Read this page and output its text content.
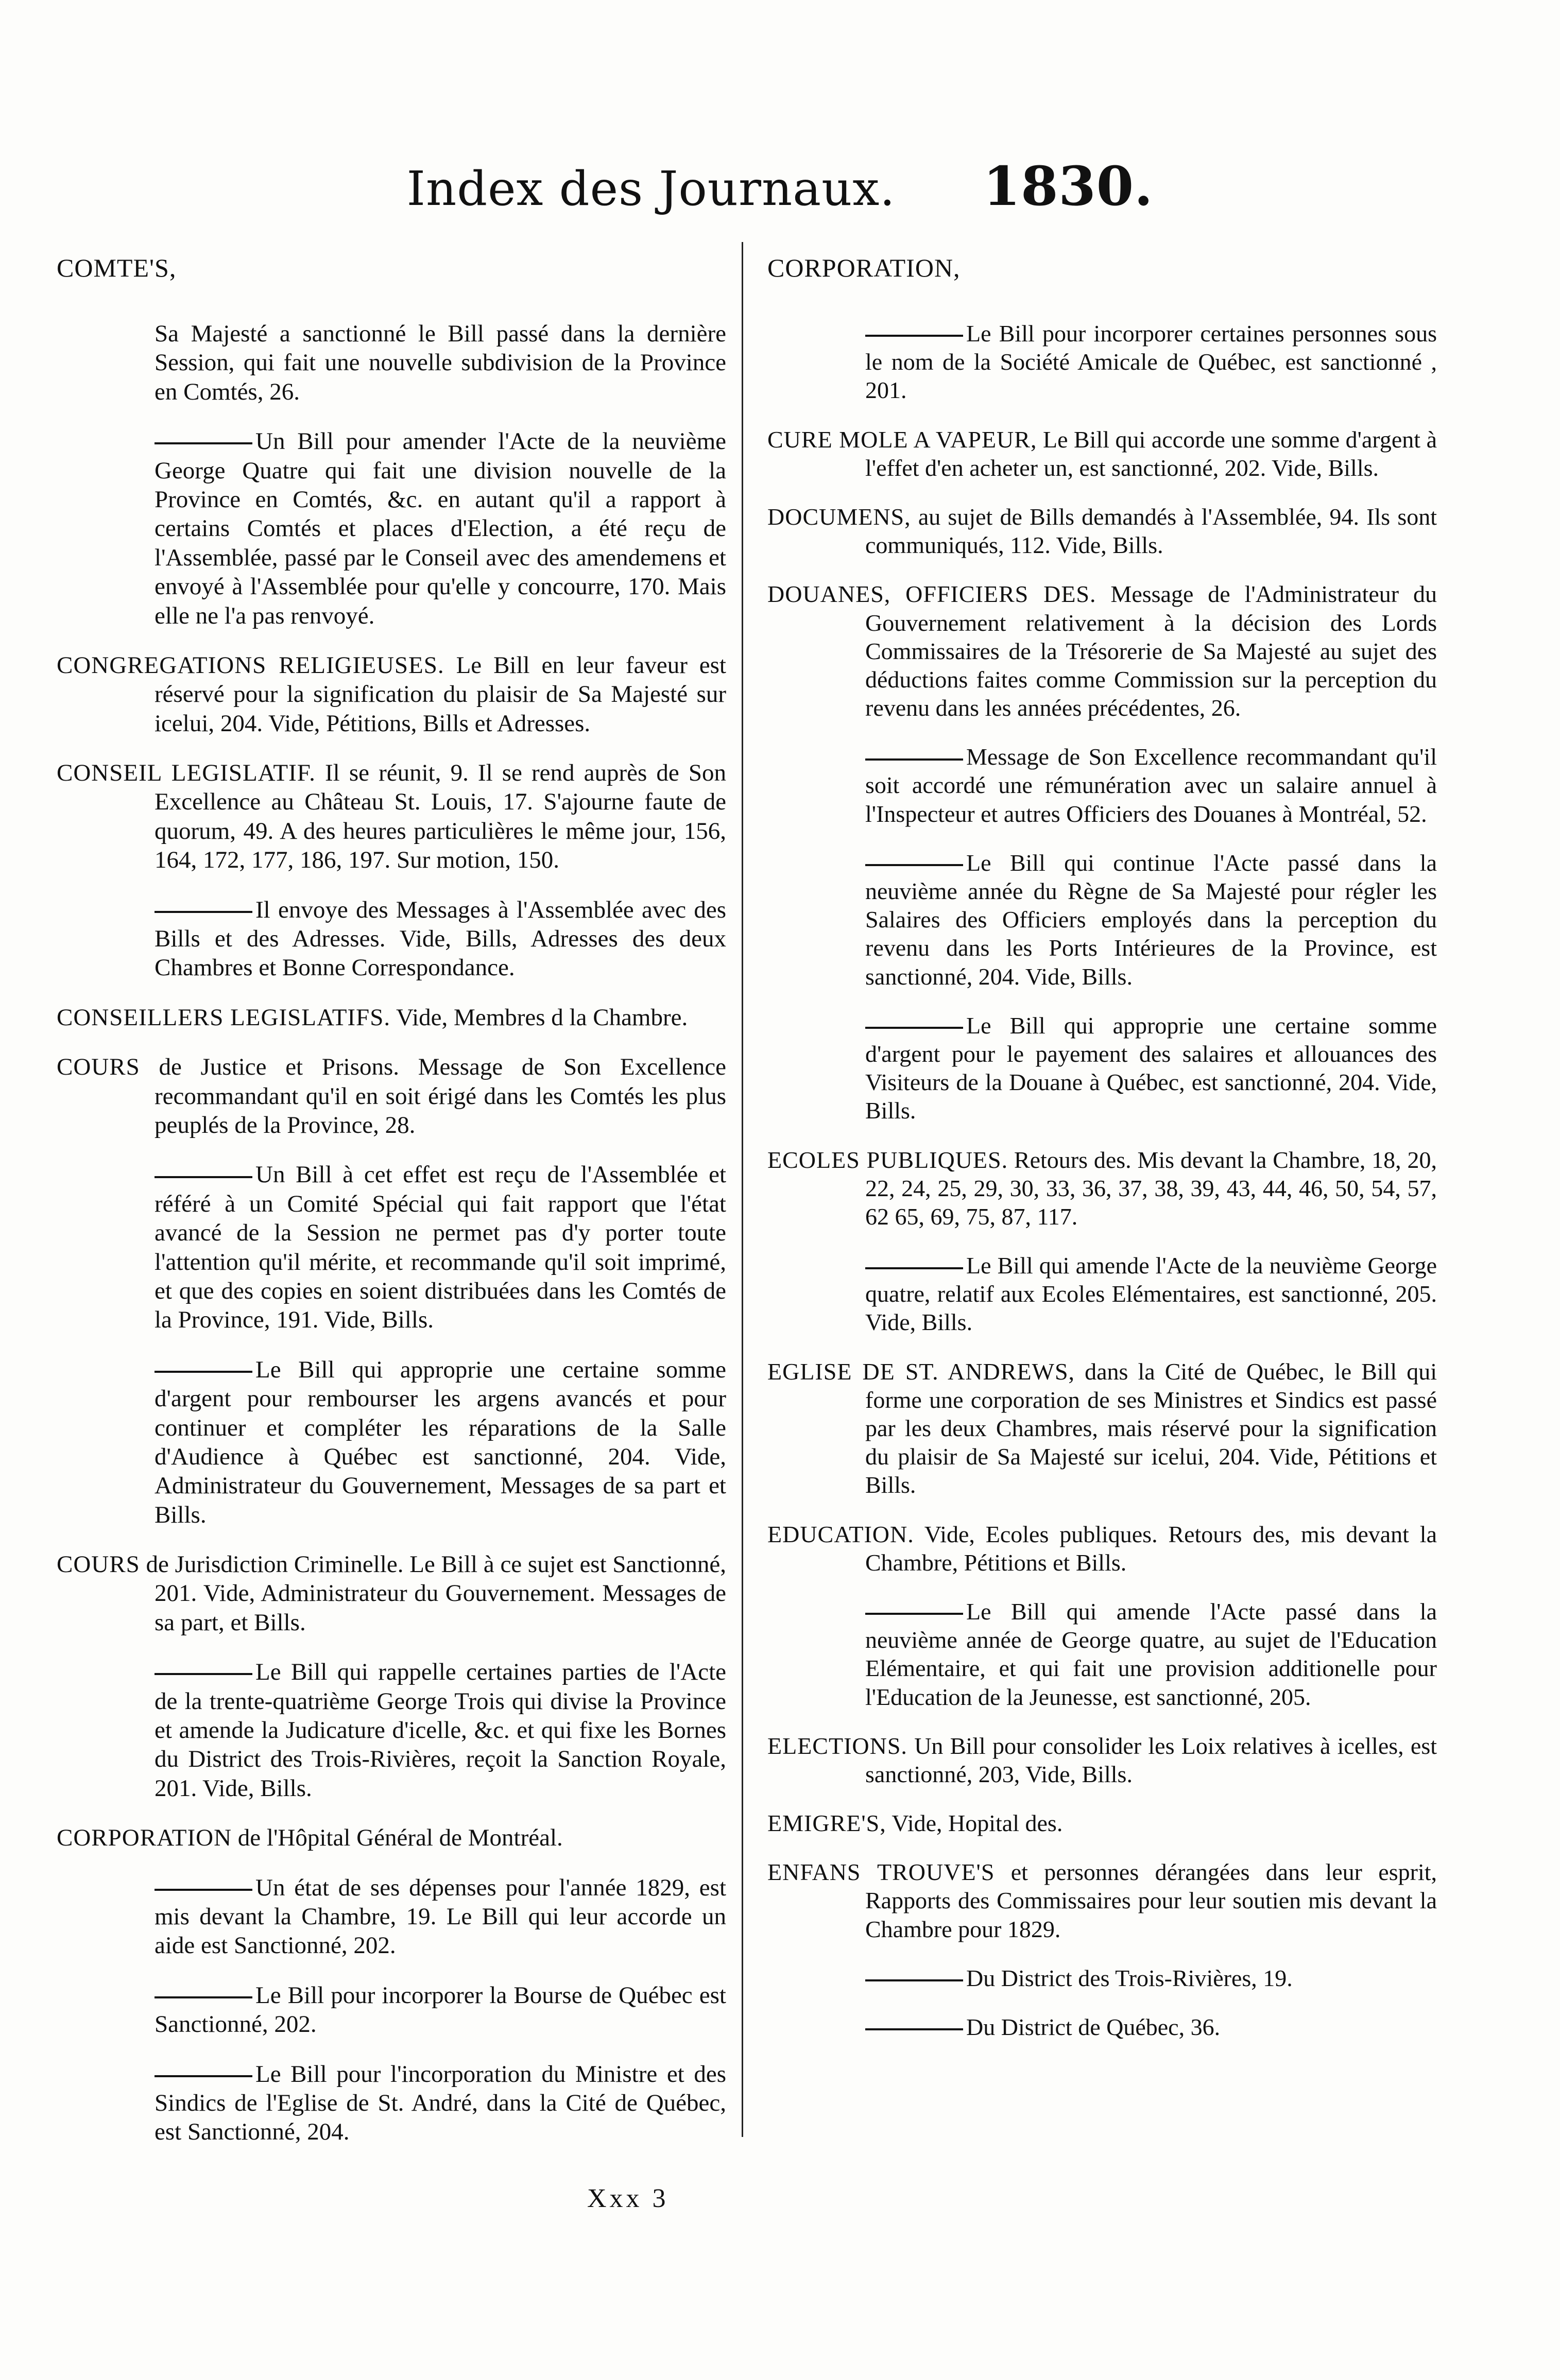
Index des Journaux. 1830.
COMTE'S,

Sa Majesté a sanctionné le Bill passé dans la dernière Session, qui fait une nouvelle subdivision de la Province en Comtés, 26.

Un Bill pour amender l'Acte de la neuvième George Quatre qui fait une division nouvelle de la Province en Comtés, &c. en autant qu'il a rapport à certains Comtés et places d'Election, a été reçu de l'Assemblée, passé par le Conseil avec des amendemens et envoyé à l'Assemblée pour qu'elle y concourre, 170. Mais elle ne l'a pas renvoyé.

CONGREGATIONS RELIGIEUSES. Le Bill en leur faveur est réservé pour la signification du plaisir de Sa Majesté sur icelui, 204. Vide, Pétitions, Bills et Adresses.

CONSEIL LEGISLATIF. Il se réunit, 9. Il se rend auprès de Son Excellence au Château St. Louis, 17. S'ajourne faute de quorum, 49. A des heures particulières le même jour, 156, 164, 172, 177, 186, 197. Sur motion, 150.

Il envoye des Messages à l'Assemblée avec des Bills et des Adresses. Vide, Bills, Adresses des deux Chambres et Bonne Correspondance.

CONSEILLERS LEGISLATIFS. Vide, Membres d la Chambre.

COURS de Justice et Prisons. Message de Son Excellence recommandant qu'il en soit érigé dans les Comtés les plus peuplés de la Province, 28.

Un Bill à cet effet est reçu de l'Assemblée et référé à un Comité Spécial qui fait rapport que l'état avancé de la Session ne permet pas d'y porter toute l'attention qu'il mérite, et recommande qu'il soit imprimé, et que des copies en soient distribuées dans les Comtés de la Province, 191. Vide, Bills.

Le Bill qui approprie une certaine somme d'argent pour rembourser les argens avancés et pour continuer et compléter les réparations de la Salle d'Audience à Québec est sanctionné, 204. Vide, Administrateur du Gouvernement, Messages de sa part et Bills.

COURS de Jurisdiction Criminelle. Le Bill à ce sujet est Sanctionné, 201. Vide, Administrateur du Gouvernement. Messages de sa part, et Bills.

Le Bill qui rappelle certaines parties de l'Acte de la trente-quatrième George Trois qui divise la Province et amende la Judicature d'icelle, &c. et qui fixe les Bornes du District des Trois-Rivières, reçoit la Sanction Royale, 201. Vide, Bills.

CORPORATION de l'Hôpital Général de Montréal.

Un état de ses dépenses pour l'année 1829, est mis devant la Chambre, 19. Le Bill qui leur accorde un aide est Sanctionné, 202.

Le Bill pour incorporer la Bourse de Québec est Sanctionné, 202.

Le Bill pour l'incorporation du Ministre et des Sindics de l'Eglise de St. André, dans la Cité de Québec, est Sanctionné, 204.

CORPORATION,

Le Bill pour incorporer certaines personnes sous le nom de la Société Amicale de Québec, est sanctionné , 201.

CURE MOLE A VAPEUR, Le Bill qui accorde une somme d'argent à l'effet d'en acheter un, est sanctionné, 202. Vide, Bills.

DOCUMENS, au sujet de Bills demandés à l'Assemblée, 94. Ils sont communiqués, 112. Vide, Bills.

DOUANES, OFFICIERS DES. Message de l'Administrateur du Gouvernement relativement à la décision des Lords Commissaires de la Trésorerie de Sa Majesté au sujet des déductions faites comme Commission sur la perception du revenu dans les années précédentes, 26.

Message de Son Excellence recommandant qu'il soit accordé une rémunération avec un salaire annuel à l'Inspecteur et autres Officiers des Douanes à Montréal, 52.

Le Bill qui continue l'Acte passé dans la neuvième année du Règne de Sa Majesté pour régler les Salaires des Officiers employés dans la perception du revenu dans les Ports Intérieures de la Province, est sanctionné, 204. Vide, Bills.

Le Bill qui approprie une certaine somme d'argent pour le payement des salaires et allouances des Visiteurs de la Douane à Québec, est sanctionné, 204. Vide, Bills.

ECOLES PUBLIQUES. Retours des. Mis devant la Chambre, 18, 20, 22, 24, 25, 29, 30, 33, 36, 37, 38, 39, 43, 44, 46, 50, 54, 57, 62 65, 69, 75, 87, 117.

Le Bill qui amende l'Acte de la neuvième George quatre, relatif aux Ecoles Elémentaires, est sanctionné, 205. Vide, Bills.

EGLISE DE ST. ANDREWS, dans la Cité de Québec, le Bill qui forme une corporation de ses Ministres et Sindics est passé par les deux Chambres, mais réservé pour la signification du plaisir de Sa Majesté sur icelui, 204. Vide, Pétitions et Bills.

EDUCATION. Vide, Ecoles publiques. Retours des, mis devant la Chambre, Pétitions et Bills.

Le Bill qui amende l'Acte passé dans la neuvième année de George quatre, au sujet de l'Education Elémentaire, et qui fait une provision additionelle pour l'Education de la Jeunesse, est sanctionné, 205.

ELECTIONS. Un Bill pour consolider les Loix relatives à icelles, est sanctionné, 203, Vide, Bills.

EMIGRE'S, Vide, Hopital des.

ENFANS TROUVE'S et personnes dérangées dans leur esprit, Rapports des Commissaires pour leur soutien mis devant la Chambre pour 1829.

Du District des Trois-Rivières, 19.

Du District de Québec, 36.

Xxx 3
